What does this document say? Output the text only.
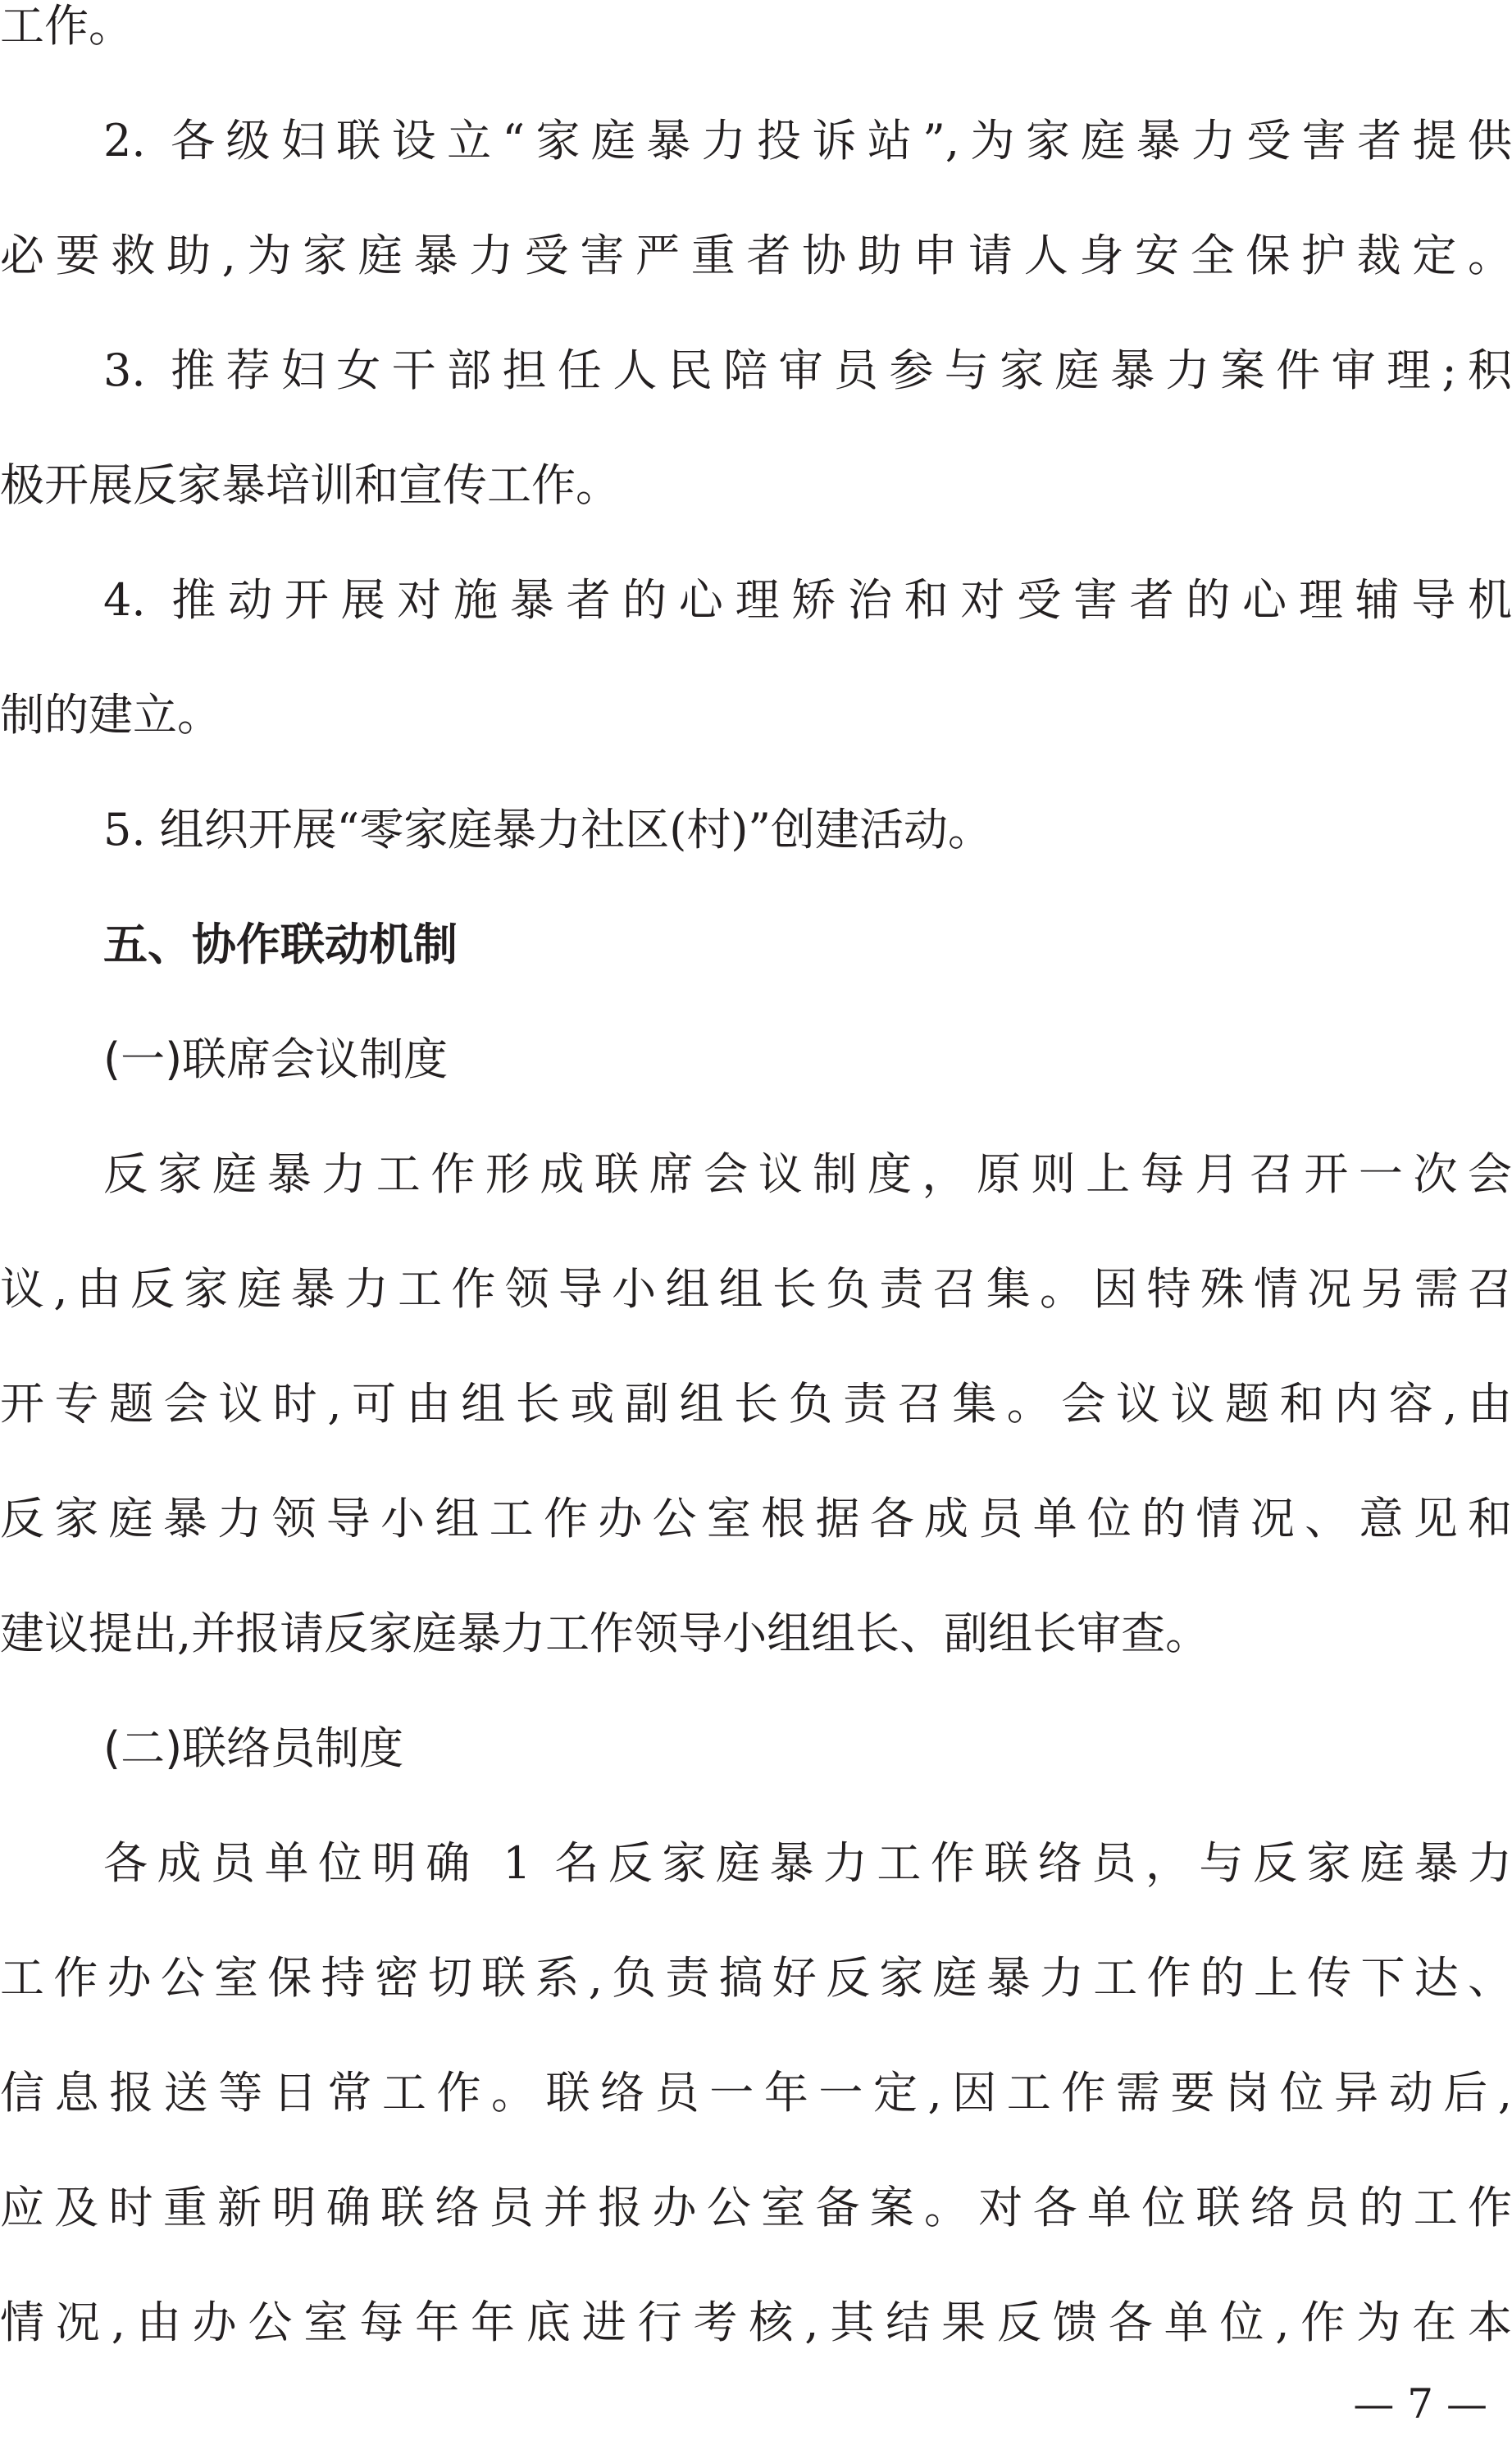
工作。
2. 各级妇联设立“家庭暴力投诉站”,为家庭暴力受害者提供
必要救助,为家庭暴力受害严重者协助申请人身安全保护裁定。
3. 推荐妇女干部担任人民陪审员参与家庭暴力案件审理;积
极开展反家暴培训和宣传工作。
4. 推动开展对施暴者的心理矫治和对受害者的心理辅导机
制的建立。
5. 组织开展“零家庭暴力社区(村)”创建活动。
五、协作联动机制
(一)联席会议制度
反家庭暴力工作形成联席会议制度，原则上每月召开一次会
议,由反家庭暴力工作领导小组组长负责召集。因特殊情况另需召
开专题会议时,可由组长或副组长负责召集。会议议题和内容,由
反家庭暴力领导小组工作办公室根据各成员单位的情况、意见和
建议提出,并报请反家庭暴力工作领导小组组长、副组长审查。
(二)联络员制度
各成员单位明确 1 名反家庭暴力工作联络员，与反家庭暴力
工作办公室保持密切联系,负责搞好反家庭暴力工作的上传下达、
信息报送等日常工作。联络员一年一定,因工作需要岗位异动后,
应及时重新明确联络员并报办公室备案。对各单位联络员的工作
情况,由办公室每年年底进行考核,其结果反馈各单位,作为在本
— 7 —
